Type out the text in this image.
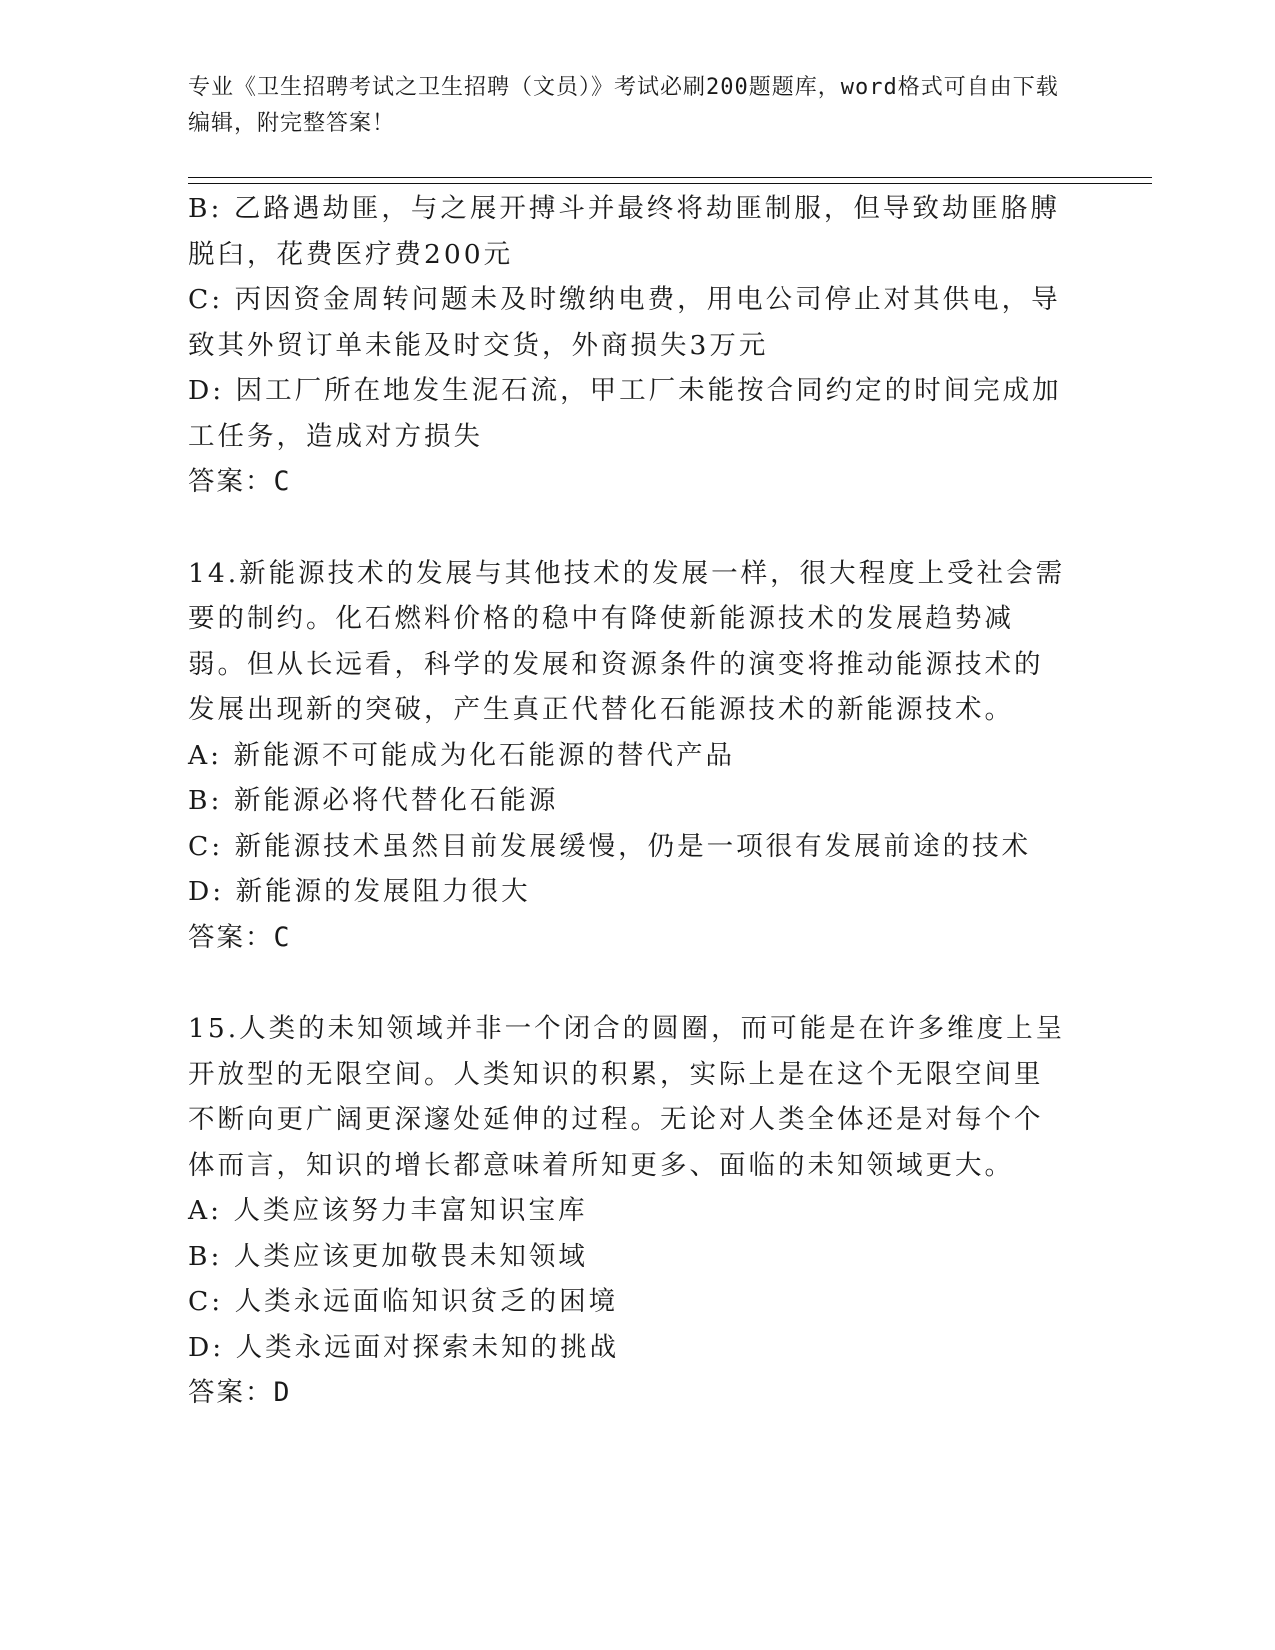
专业《卫生招聘考试之卫生招聘（文员）》考试必刷200题题库，word格式可自由下载编辑，附完整答案！

B: 乙路遇劫匪，与之展开搏斗并最终将劫匪制服，但导致劫匪胳膊脱臼，花费医疗费200元

C: 丙因资金周转问题未及时缴纳电费，用电公司停止对其供电，导致其外贸订单未能及时交货，外商损失3万元

D: 因工厂所在地发生泥石流，甲工厂未能按合同约定的时间完成加工任务，造成对方损失

答案：C

14.新能源技术的发展与其他技术的发展一样，很大程度上受社会需要的制约。化石燃料价格的稳中有降使新能源技术的发展趋势减弱。但从长远看，科学的发展和资源条件的演变将推动能源技术的发展出现新的突破，产生真正代替化石能源技术的新能源技术。

A: 新能源不可能成为化石能源的替代产品

B: 新能源必将代替化石能源

C: 新能源技术虽然目前发展缓慢，仍是一项很有发展前途的技术

D: 新能源的发展阻力很大

答案：C

15.人类的未知领域并非一个闭合的圆圈，而可能是在许多维度上呈开放型的无限空间。人类知识的积累，实际上是在这个无限空间里不断向更广阔更深邃处延伸的过程。无论对人类全体还是对每个个体而言，知识的增长都意味着所知更多、面临的未知领域更大。

A: 人类应该努力丰富知识宝库

B: 人类应该更加敬畏未知领域

C: 人类永远面临知识贫乏的困境

D: 人类永远面对探索未知的挑战

答案：D
